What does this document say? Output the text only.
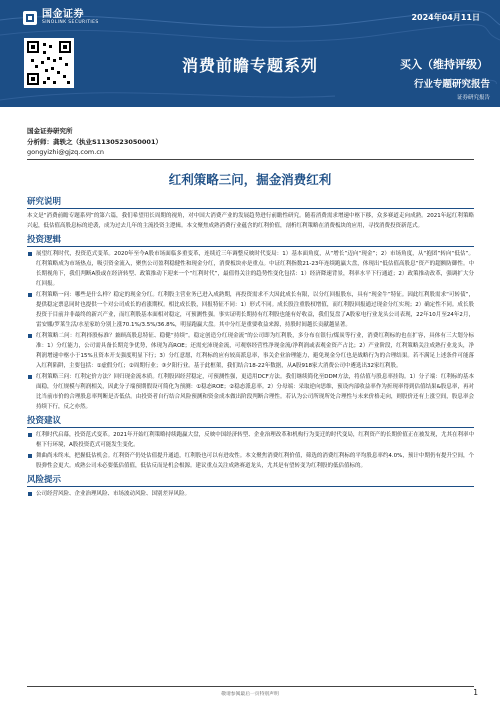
国金证券
SINOLINK SECURITIES
2024年04月11日
消费前瞻专题系列	买入（维持评级）
行业专题研究报告
证券研究报告
国金证券研究所
分析师：龚轶之（执业S1130523050001）
gongyizhi@gjzq.com.cn
红利策略三问，掘金消费红利
研究说明

本文是“消费前瞻专题系列”的第六篇，我们希望用长周期的视角，对中国大消费产业的发展趋势进行前瞻性研究。随着消费需求增速中枢下移，众多赛道走向成熟。2021年起红利策略兴起，低估值高股息标的逆袭，成为过去几年的主流投资主逻辑。本文聚焦成熟消费行业蕴含的红利价值，剖析红利策略在消费板块的应用，寻找消费投资新范式。

投资逻辑
展望红利时代，投资范式变革。2020年至今A股市场面临多重变革，连续近三年调整反映时代变局：1）基本面角度，从“增长”迈向“现金”；2）市场角度，从“抱团”转向“低估”。红利策略成为市场热点，吸引资金流入，聚焦公司盈利稳健性和现金分红，消费板块亦是重点。中证红利指数21-23年连续跑赢大盘，体现出“低估值高股息”资产的超额防御性。中长期视角下，我们判断A股或在经济转型、政策推动下迎来一个“红利时代”，最值得关注的趋势性变化包括：1）经济降速背景，利率水平下行通道；2）政策推动改革，强调扩大分红回报。
红利策略一问：哪些是什么样？稳定的现金分红。红利股主营业务已进入成熟期，再投资需求不大因此成长有限，以分红回报股东，具有“现金牛”特征。因此红利股需求“可转债”，提供稳定票息同时也提供一个对公司成长的看涨期权。相比成长股，回报特征不同：1）形式不同。成长股注重股权增值，而红利股回报通过现金分红实现；2）确定性不同。成长股投资于目前并非最终的新兴产业，而红利股基本面相对稳定，可预测性强。事实证明长期持有红利股也能有好收益，我们复盘了A股家电行业龙头公司表现，22年10月至24年2月，雷安娜/罗莱生活/水星家纺分别上涨70.1%/3.5%/36.8%，明显跑赢大盘。其中分红是重要收益来源，持股时间越长贡献越显著。
红利策略二问：红利择股标准？兼顾高股息特征、稳健“持续”。稳定创造分红现金流”的公司即为红利股，多分布在银行/煤炭等行业，消费红利标的也在扩容，具体有三大划分标准：1）分红能力，公司需具备长期竞争优势，体现为高ROE；还需充沛现金流，可观察经营性净现金流/净利润或表观金资产占比；2）产业阶段，红利策略关注成熟行业龙头，净利润增速中枢小于15%且资本开支强度明显下行；3）分红意愿，红利标的应有较高派息率，事关企业治理能力，避免现金分红也是战略行为的合理结果。若不满足上述条件可能落入红利陷阱，主要包括：①虚假分红；②周期行业；③夕阳行业。基于此框架，我们结合18-22年数据，从A股918家大消费公司中遴选出32家红利股。
红利策略三问：红利定价方法？回归现金流本质。红利股因经营稳定，可预测性强，更适用DCF方法。我们继续简化至DDM方法，将估值与股息率挂钩。1）分子端：红利标的基本面稳，分红规模与利润相关，因此分子端预期假设可简化为预测：①稳态ROE；②稳态派息率。2）分母端：采取逆向思维，预设内部收益率作为折现率得到估值结果&股息率，再对比当前市价的合理股息率判断是否低估。由投资者自行结合风险预测和资金成本做出阶段判断合理性。若认为公司所现所处合理性与未来价格走向，则股价还有上涨空间，股息率会持续下行，反之亦然。
投资建议
红利时代启幕，投资范式变革。2021年开始红利策略持续跑赢大盘，反映中国经济转型、企业治理改革和机构行为变迁的时代变局，红利资产的长期价值正在被发现，尤其在利率中枢下行环境，A股投资范式可能发生变化。
舞曲尚未终末，把握低估机会。红利资产仍处估值提升通道，红利股也可以有进攻性。本文聚焦消费红利价值，筛选的消费红利标的平均股息率约4.0%，预计中期仍有提升空间，个股弹性会更大。成熟公司未必要低估值值，低估反而是机会根源。建议重点关注成熟赛道龙头，尤其是有望转变为红利股的低估值标的。
风险提示
公司经营风险、企业治理风险、市场波动风险、国别差异风险。
敬请参阅最后一页特别声明	1
